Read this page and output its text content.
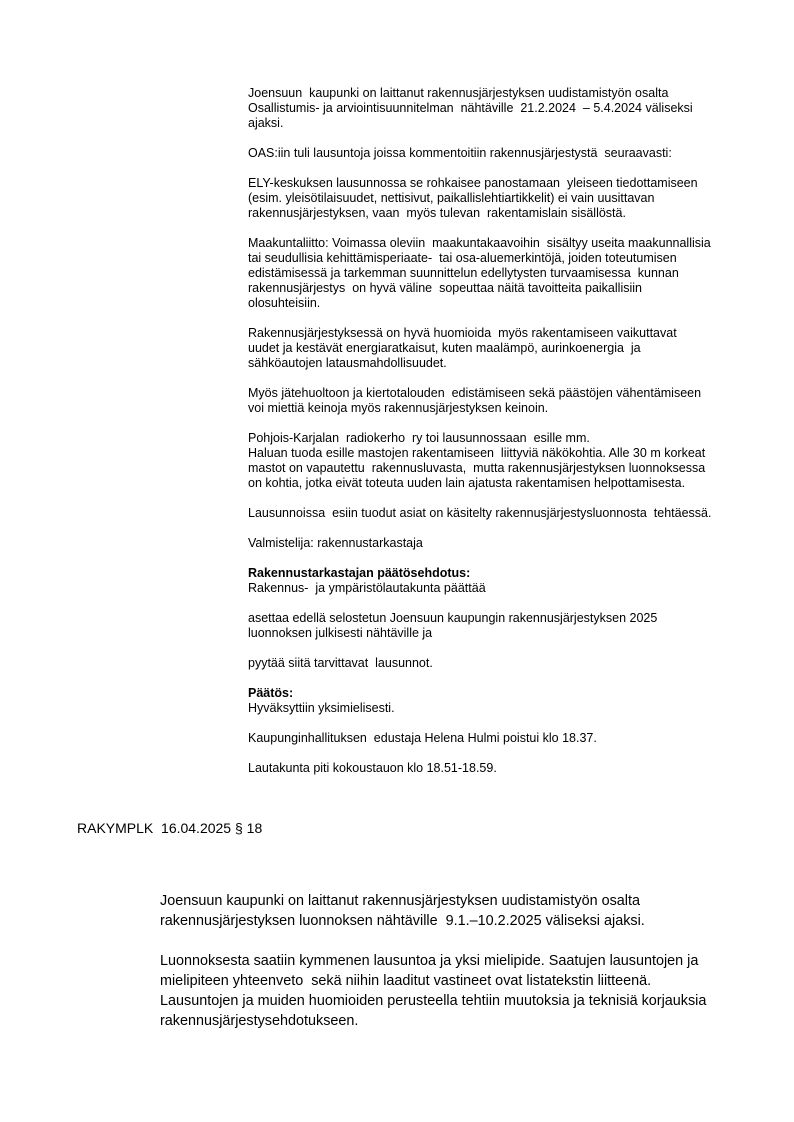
Joensuun  kaupunki on laittanut rakennusjärjestyksen uudistamistyön osalta
Osallistumis- ja arviointisuunnitelman  nähtäville  21.2.2024  – 5.4.2024 väliseksi
ajaksi.
OAS:iin tuli lausuntoja joissa kommentoitiin rakennusjärjestystä  seuraavasti:
ELY-keskuksen lausunnossa se rohkaisee panostamaan  yleiseen tiedottamiseen
(esim. yleisötilaisuudet, nettisivut, paikallislehtiartikkelit) ei vain uusittavan
rakennusjärjestyksen, vaan  myös tulevan  rakentamislain sisällöstä.
Maakuntaliitto: Voimassa oleviin  maakuntakaavoihin  sisältyy useita maakunnallisia
tai seudullisia kehittämisperiaate-  tai osa-aluemerkintöjä, joiden toteutumisen
edistämisessä ja tarkemman suunnittelun edellytysten turvaamisessa  kunnan
rakennusjärjestys  on hyvä väline  sopeuttaa näitä tavoitteita paikallisiin
olosuhteisiin.
Rakennusjärjestyksessä on hyvä huomioida  myös rakentamiseen vaikuttavat
uudet ja kestävät energiaratkaisut, kuten maalämpö, aurinkoenergia  ja
sähköautojen latausmahdollisuudet.
Myös jätehuoltoon ja kiertotalouden  edistämiseen sekä päästöjen vähentämiseen
voi miettiä keinoja myös rakennusjärjestyksen keinoin.
Pohjois-Karjalan  radiokerho  ry toi lausunnossaan  esille mm.
Haluan tuoda esille mastojen rakentamiseen  liittyviä näkökohtia. Alle 30 m korkeat
mastot on vapautettu  rakennusluvasta,  mutta rakennusjärjestyksen luonnoksessa
on kohtia, jotka eivät toteuta uuden lain ajatusta rakentamisen helpottamisesta.
Lausunnoissa  esiin tuodut asiat on käsitelty rakennusjärjestysluonnosta  tehtäessä.
Valmistelija: rakennustarkastaja
Rakennustarkastajan päätösehdotus:
Rakennus-  ja ympäristölautakunta päättää
asettaa edellä selostetun Joensuun kaupungin rakennusjärjestyksen 2025
luonnoksen julkisesti nähtäville ja
pyytää siitä tarvittavat  lausunnot.
Päätös:
Hyväksyttiin yksimielisesti.
Kaupunginhallituksen  edustaja Helena Hulmi poistui klo 18.37.
Lautakunta piti kokoustauon klo 18.51-18.59.
RAKYMPLK  16.04.2025 § 18
Joensuun kaupunki on laittanut rakennusjärjestyksen uudistamistyön osalta
rakennusjärjestyksen luonnoksen nähtäville  9.1.–10.2.2025 väliseksi ajaksi.
Luonnoksesta saatiin kymmenen lausuntoa ja yksi mielipide. Saatujen lausuntojen ja
mielipiteen yhteenveto  sekä niihin laaditut vastineet ovat listatekstin liitteenä.
Lausuntojen ja muiden huomioiden perusteella tehtiin muutoksia ja teknisiä korjauksia
rakennusjärjestysehdotukseen.
